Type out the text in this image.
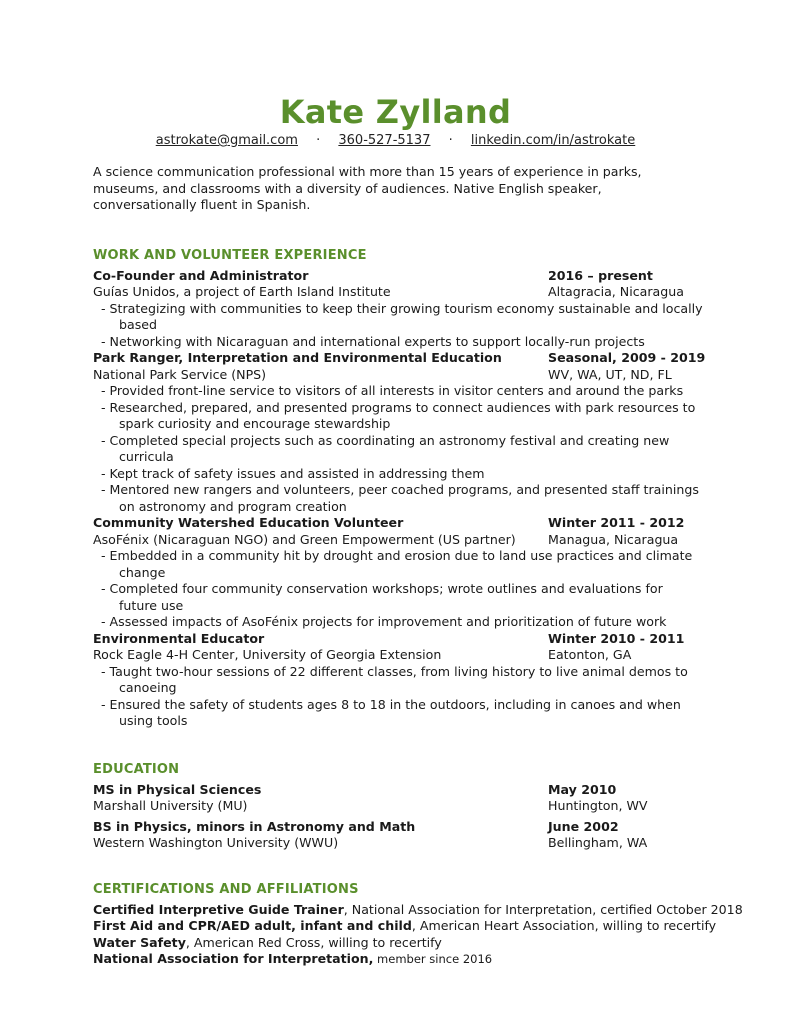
Kate Zylland
astrokate@gmail.com · 360-527-5137 · linkedin.com/in/astrokate

A science communication professional with more than 15 years of experience in parks, museums, and classrooms with a diversity of audiences. Native English speaker, conversationally fluent in Spanish.

WORK AND VOLUNTEER EXPERIENCE
Co-Founder and Administrator	2016 – present
Guías Unidos, a project of Earth Island Institute	Altagracia, Nicaragua
- Strategizing with communities to keep their growing tourism economy sustainable and locally based
- Networking with Nicaraguan and international experts to support locally-run projects
Park Ranger, Interpretation and Environmental Education	Seasonal, 2009 - 2019
National Park Service (NPS)	WV, WA, UT, ND, FL
- Provided front-line service to visitors of all interests in visitor centers and around the parks
- Researched, prepared, and presented programs to connect audiences with park resources to spark curiosity and encourage stewardship
- Completed special projects such as coordinating an astronomy festival and creating new curricula
- Kept track of safety issues and assisted in addressing them
- Mentored new rangers and volunteers, peer coached programs, and presented staff trainings on astronomy and program creation
Community Watershed Education Volunteer	Winter 2011 - 2012
AsoFénix (Nicaraguan NGO) and Green Empowerment (US partner)	Managua, Nicaragua
- Embedded in a community hit by drought and erosion due to land use practices and climate change
- Completed four community conservation workshops; wrote outlines and evaluations for future use
- Assessed impacts of AsoFénix projects for improvement and prioritization of future work
Environmental Educator	Winter 2010 - 2011
Rock Eagle 4-H Center, University of Georgia Extension	Eatonton, GA
- Taught two-hour sessions of 22 different classes, from living history to live animal demos to canoeing
- Ensured the safety of students ages 8 to 18 in the outdoors, including in canoes and when using tools
EDUCATION
MS in Physical Sciences	May 2010
Marshall University (MU)	Huntington, WV
BS in Physics, minors in Astronomy and Math	June 2002
Western Washington University (WWU)	Bellingham, WA
CERTIFICATIONS AND AFFILIATIONS
Certified Interpretive Guide Trainer, National Association for Interpretation, certified October 2018
First Aid and CPR/AED adult, infant and child, American Heart Association, willing to recertify
Water Safety, American Red Cross, willing to recertify
National Association for Interpretation, member since 2016
